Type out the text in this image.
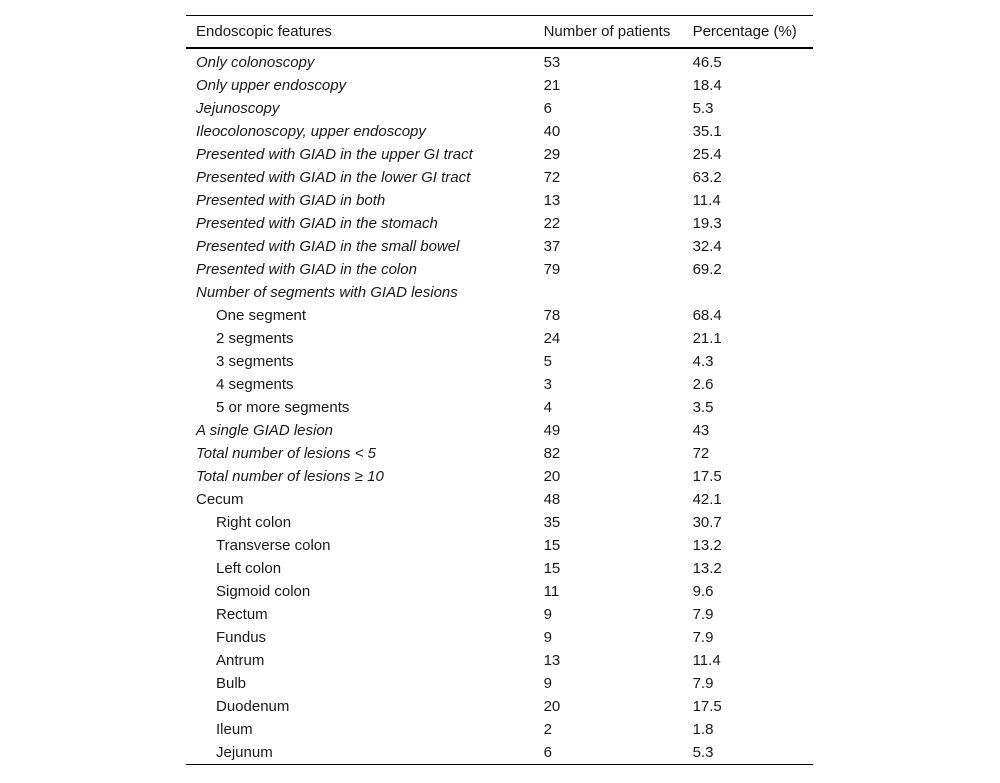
Endoscopic features	Number of patients	Percentage (%)
Only colonoscopy	53	46.5
Only upper endoscopy	21	18.4
Jejunoscopy	6	5.3
Ileocolonoscopy, upper endoscopy	40	35.1
Presented with GIAD in the upper GI tract	29	25.4
Presented with GIAD in the lower GI tract	72	63.2
Presented with GIAD in both	13	11.4
Presented with GIAD in the stomach	22	19.3
Presented with GIAD in the small bowel	37	32.4
Presented with GIAD in the colon	79	69.2
Number of segments with GIAD lesions		
One segment	78	68.4
2 segments	24	21.1
3 segments	5	4.3
4 segments	3	2.6
5 or more segments	4	3.5
A single GIAD lesion	49	43
Total number of lesions < 5	82	72
Total number of lesions ≥ 10	20	17.5
Cecum	48	42.1
Right colon	35	30.7
Transverse colon	15	13.2
Left colon	15	13.2
Sigmoid colon	11	9.6
Rectum	9	7.9
Fundus	9	7.9
Antrum	13	11.4
Bulb	9	7.9
Duodenum	20	17.5
Ileum	2	1.8
Jejunum	6	5.3
